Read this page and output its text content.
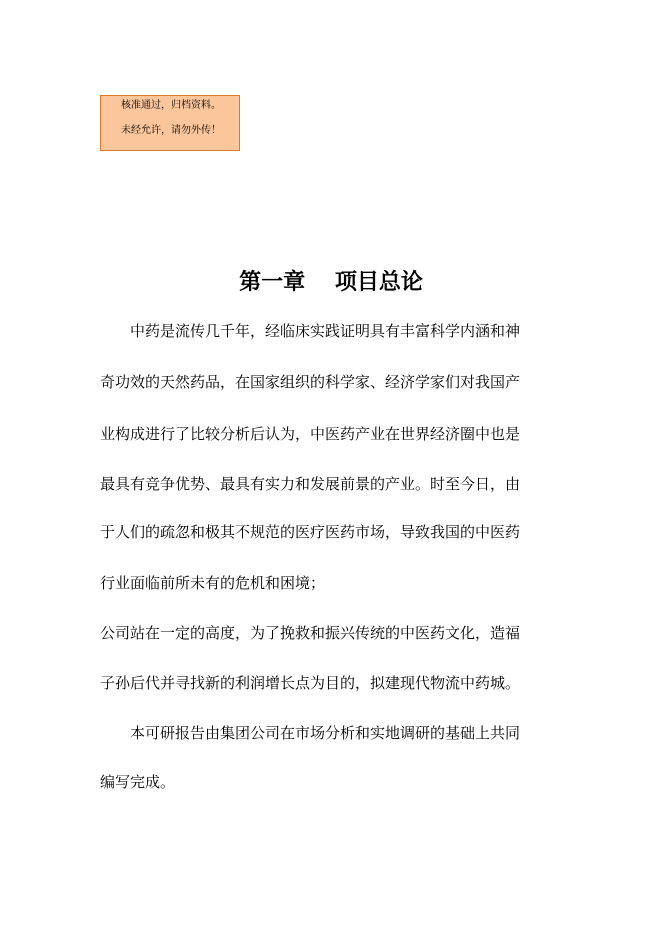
核准通过，归档资料。
未经允许，请勿外传！
第一章　 项目总论
中药是流传几千年，经临床实践证明具有丰富科学内涵和神
奇功效的天然药品，在国家组织的科学家、经济学家们对我国产
业构成进行了比较分析后认为，中医药产业在世界经济圈中也是
最具有竞争优势、最具有实力和发展前景的产业。时至今日，由
于人们的疏忽和极其不规范的医疗医药市场，导致我国的中医药
行业面临前所未有的危机和困境；
公司站在一定的高度，为了挽救和振兴传统的中医药文化，造福
子孙后代并寻找新的利润增长点为目的，拟建现代物流中药城。
本可研报告由集团公司在市场分析和实地调研的基础上共同
编写完成。
